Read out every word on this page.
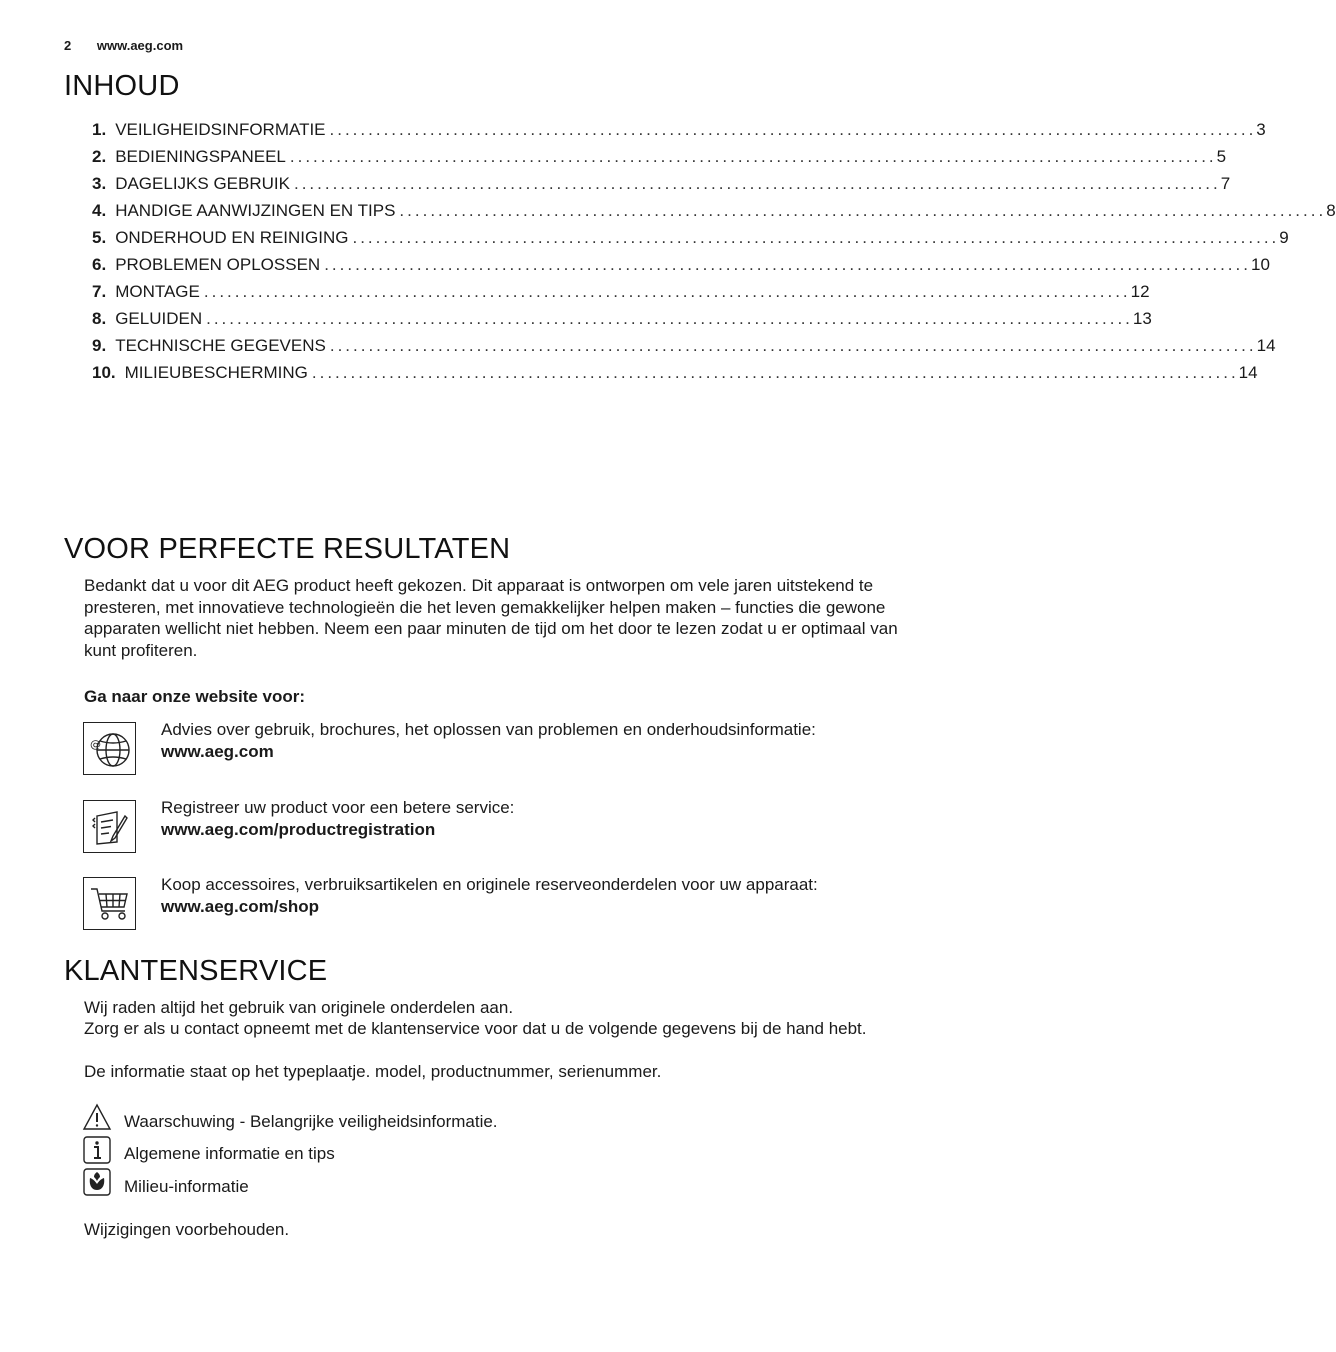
2 www.aeg.com
INHOUD
1. VEILIGHEIDSINFORMATIE ........................................................................................................................ 3
2. BEDIENINGSPANEEL ........................................................................................................................ 5
3. DAGELIJKS GEBRUIK ........................................................................................................................ 7
4. HANDIGE AANWIJZINGEN EN TIPS ........................................................................................................................ 8
5. ONDERHOUD EN REINIGING ........................................................................................................................ 9
6. PROBLEMEN OPLOSSEN ........................................................................................................................ 10
7. MONTAGE ........................................................................................................................ 12
8. GELUIDEN ........................................................................................................................ 13
9. TECHNISCHE GEGEVENS ........................................................................................................................ 14
10. MILIEUBESCHERMING ........................................................................................................................ 14
VOOR PERFECTE RESULTATEN

Bedankt dat u voor dit AEG product heeft gekozen. Dit apparaat is ontworpen om vele jaren uitstekend te presteren, met innovatieve technologieën die het leven gemakkelijker helpen maken – functies die gewone apparaten wellicht niet hebben. Neem een paar minuten de tijd om het door te lezen zodat u er optimaal van kunt profiteren.

Ga naar onze website voor:

@
Advies over gebruik, brochures, het oplossen van problemen en onderhoudsinformatie:
www.aeg.com
Registreer uw product voor een betere service:
www.aeg.com/productregistration
Koop accessoires, verbruiksartikelen en originele reserveonderdelen voor uw apparaat:
www.aeg.com/shop
KLANTENSERVICE

Wij raden altijd het gebruik van originele onderdelen aan.

Zorg er als u contact opneemt met de klantenservice voor dat u de volgende gegevens bij de hand hebt.

De informatie staat op het typeplaatje. model, productnummer, serienummer.

Waarschuwing - Belangrijke veiligheidsinformatie.
Algemene informatie en tips
Milieu-informatie

Wijzigingen voorbehouden.
